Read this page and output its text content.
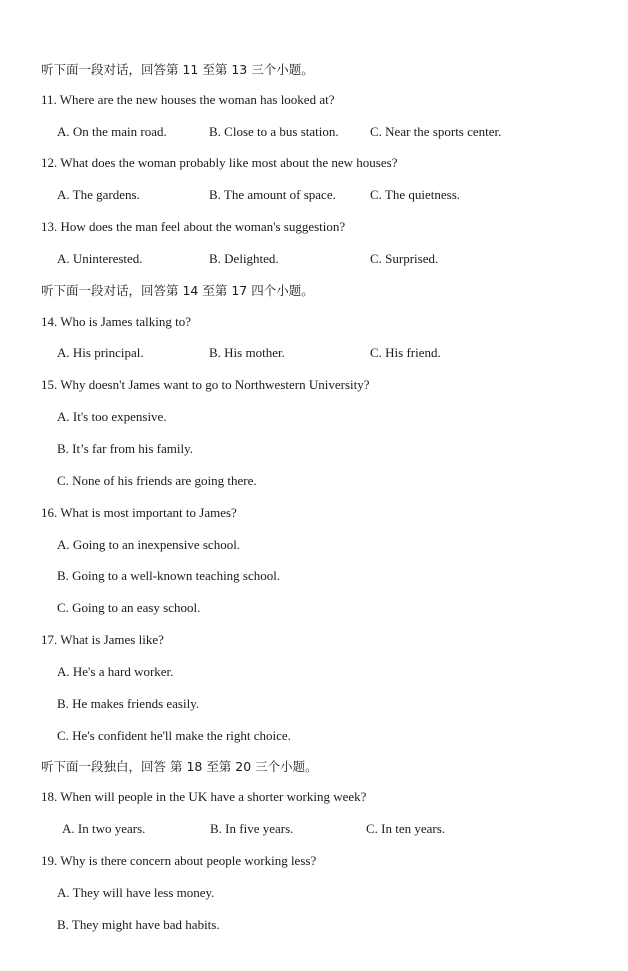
听下面一段对话，回答第 11 至第 13 三个小题。
11. Where are the new houses the woman has looked at?
A. On the main road.	B. Close to a bus station. C. Near the sports center.
12. What does the woman probably like most about the new houses?
A. The gardens.	B. The amount of space.	C. The quietness.
13. How does the man feel about the woman's suggestion?
A. Uninterested.	B. Delighted.	C. Surprised.
听下面一段对话，回答第 14 至第 17 四个小题。
14. Who is James talking to?
A. His principal.	B. His mother.	C. His friend.
15. Why doesn't James want to go to Northwestern University?
A. It's too expensive.
B. It’s far from his family.
C. None of his friends are going there.
16. What is most important to James?
A. Going to an inexpensive school.
B. Going to a well-known teaching school.
C. Going to an easy school.
17. What is James like?
A. He's a hard worker.
B. He makes friends easily.
C. He's confident he'll make the right choice.
听下面一段独白，回答 第 18 至第 20 三个小题。
18. When will people in the UK have a shorter working week?
A. In two years.	B. In five years.	C. In ten years.
19. Why is there concern about people working less?
A. They will have less money.
B. They might have bad habits.
